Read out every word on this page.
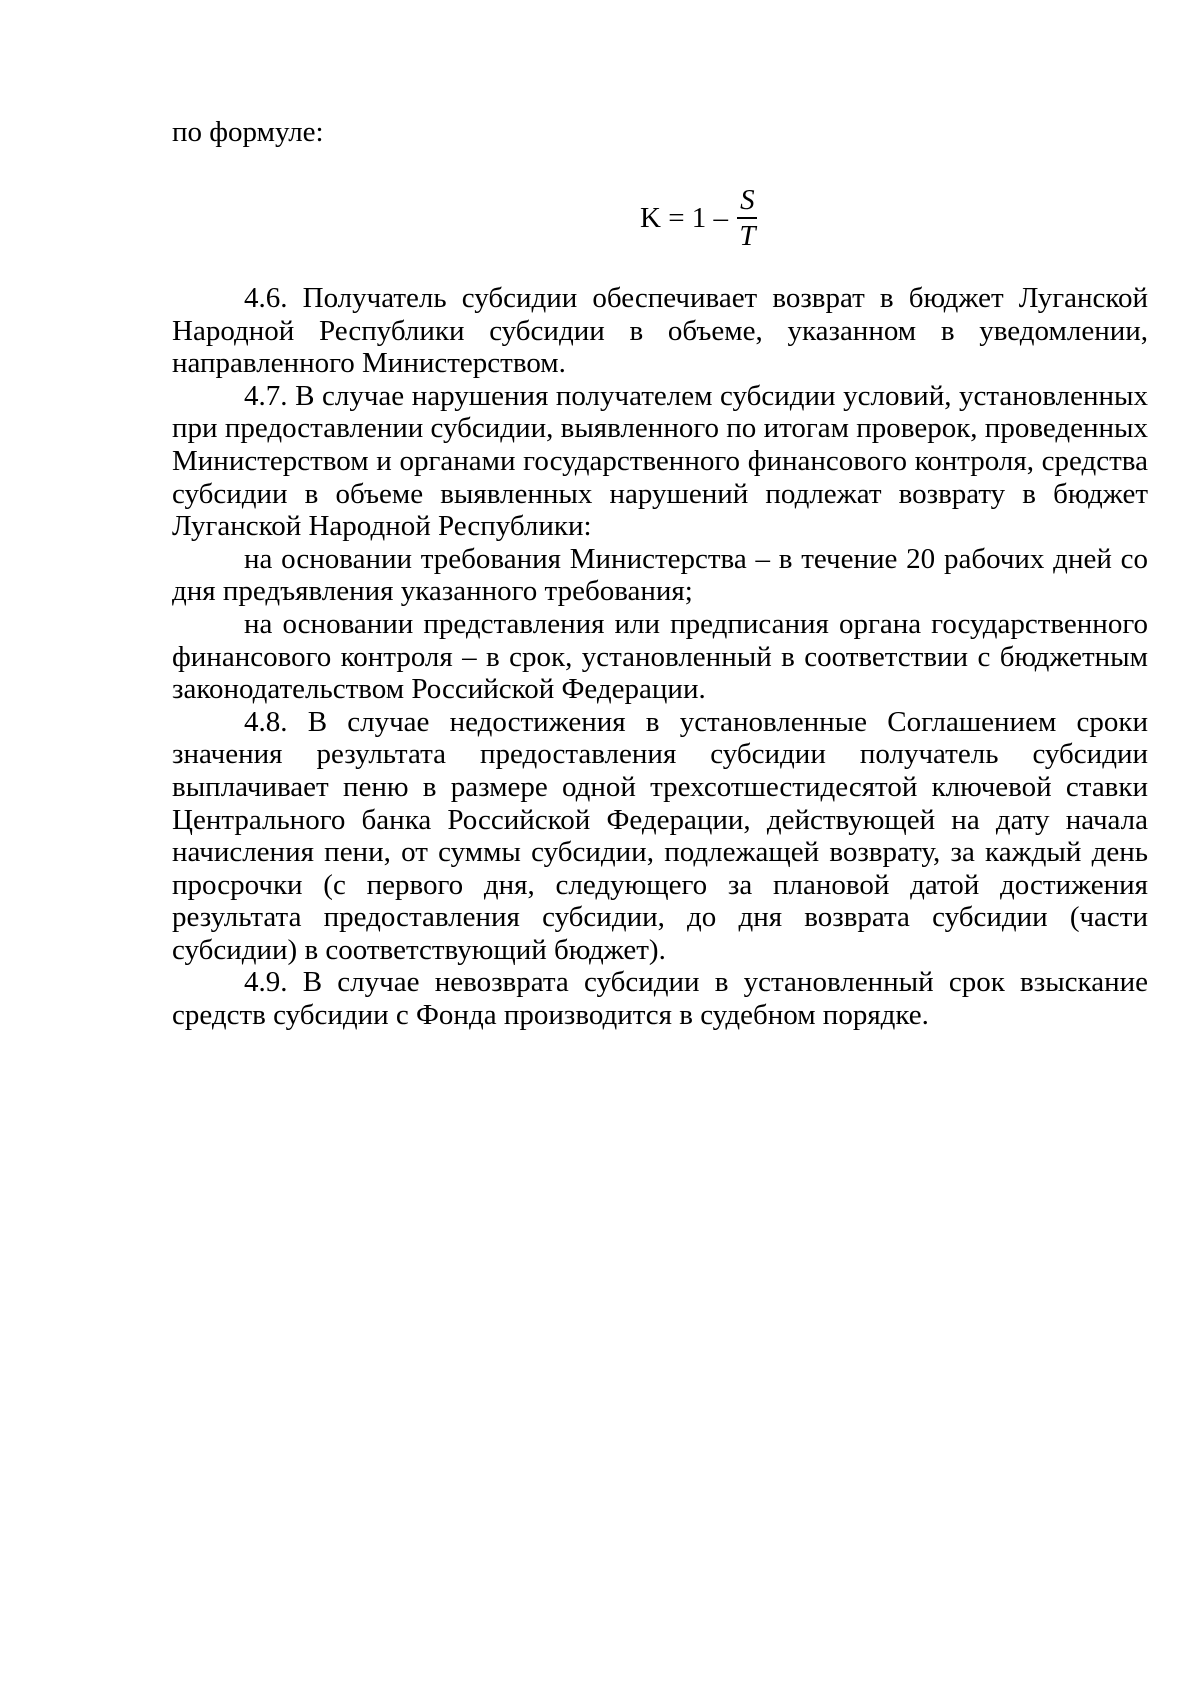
по формуле:
$K = 1 - \frac{S}{T}$

4.6. Получатель субсидии обеспечивает возврат в бюджет Луганской Народной Республики субсидии в объеме, указанном в уведомлении, направленного Министерством.

4.7. В случае нарушения получателем субсидии условий, установленных при предоставлении субсидии, выявленного по итогам проверок, проведенных Министерством и органами государственного финансового контроля, средства субсидии в объеме выявленных нарушений подлежат возврату в бюджет Луганской Народной Республики:

на основании требования Министерства – в течение 20 рабочих дней со дня предъявления указанного требования;

на основании представления или предписания органа государственного финансового контроля – в срок, установленный в соответствии с бюджетным законодательством Российской Федерации.

4.8. В случае недостижения в установленные Соглашением сроки значения результата предоставления субсидии получатель субсидии выплачивает пеню в размере одной трехсотшестидесятой ключевой ставки Центрального банка Российской Федерации, действующей на дату начала начисления пени, от суммы субсидии, подлежащей возврату, за каждый день просрочки (с первого дня, следующего за плановой датой достижения результата предоставления субсидии, до дня возврата субсидии (части субсидии) в соответствующий бюджет).

4.9. В случае невозврата субсидии в установленный срок взыскание средств субсидии с Фонда производится в судебном порядке.
